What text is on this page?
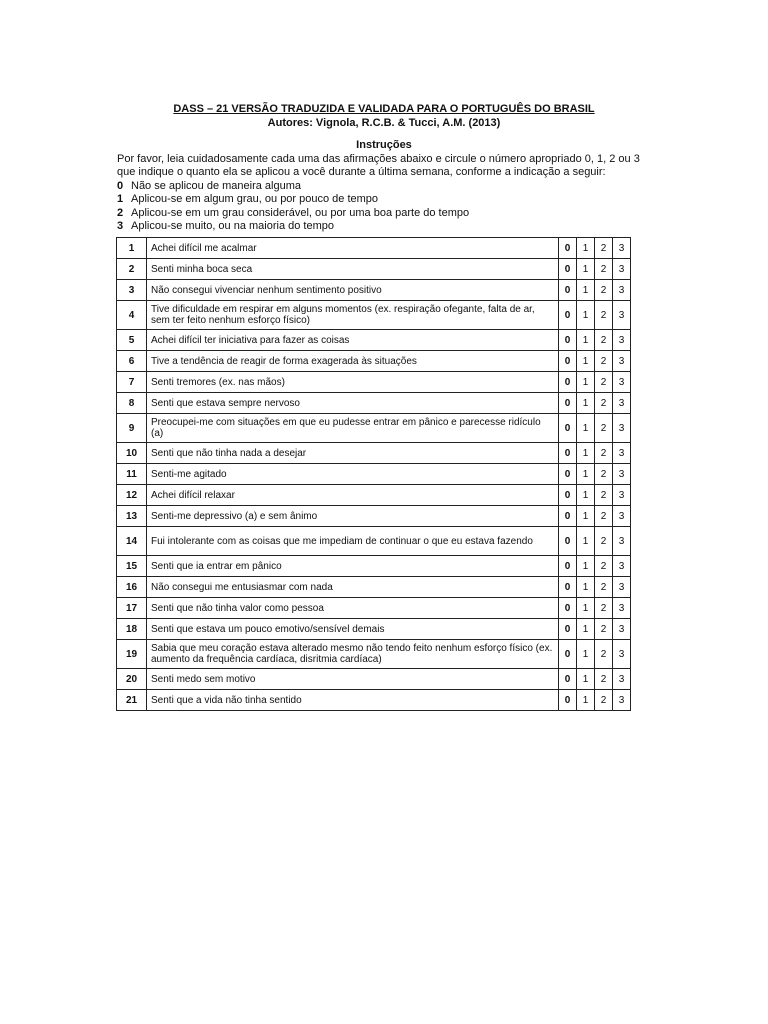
DASS – 21 VERSÃO TRADUZIDA E VALIDADA PARA O PORTUGUÊS DO BRASIL
Autores: Vignola, R.C.B. & Tucci, A.M. (2013)
Instruções
Por favor, leia cuidadosamente cada uma das afirmações abaixo e circule o número apropriado 0, 1, 2 ou 3 que indique o quanto ela se aplicou a você durante a última semana, conforme a indicação a seguir:
0 Não se aplicou de maneira alguma
1 Aplicou-se em algum grau, ou por pouco de tempo
2 Aplicou-se em um grau considerável, ou por uma boa parte do tempo
3 Aplicou-se muito, ou na maioria do tempo
1	Achei difícil me acalmar	0	1	2	3
2	Senti minha boca seca	0	1	2	3
3	Não consegui vivenciar nenhum sentimento positivo	0	1	2	3
4	Tive dificuldade em respirar em alguns momentos (ex. respiração ofegante, falta de ar, sem ter feito nenhum esforço físico)	0	1	2	3
5	Achei difícil ter iniciativa para fazer as coisas	0	1	2	3
6	Tive a tendência de reagir de forma exagerada às situações	0	1	2	3
7	Senti tremores (ex. nas mãos)	0	1	2	3
8	Senti que estava sempre nervoso	0	1	2	3
9	Preocupei-me com situações em que eu pudesse entrar em pânico e parecesse ridículo (a)	0	1	2	3
10	Senti que não tinha nada a desejar	0	1	2	3
11	Senti-me agitado	0	1	2	3
12	Achei difícil relaxar	0	1	2	3
13	Senti-me depressivo (a) e sem ânimo	0	1	2	3
14	Fui intolerante com as coisas que me impediam de continuar o que eu estava fazendo	0	1	2	3
15	Senti que ia entrar em pânico	0	1	2	3
16	Não consegui me entusiasmar com nada	0	1	2	3
17	Senti que não tinha valor como pessoa	0	1	2	3
18	Senti que estava um pouco emotivo/sensível demais	0	1	2	3
19	Sabia que meu coração estava alterado mesmo não tendo feito nenhum esforço físico (ex. aumento da frequência cardíaca, disritmia cardíaca)	0	1	2	3
20	Senti medo sem motivo	0	1	2	3
21	Senti que a vida não tinha sentido	0	1	2	3
